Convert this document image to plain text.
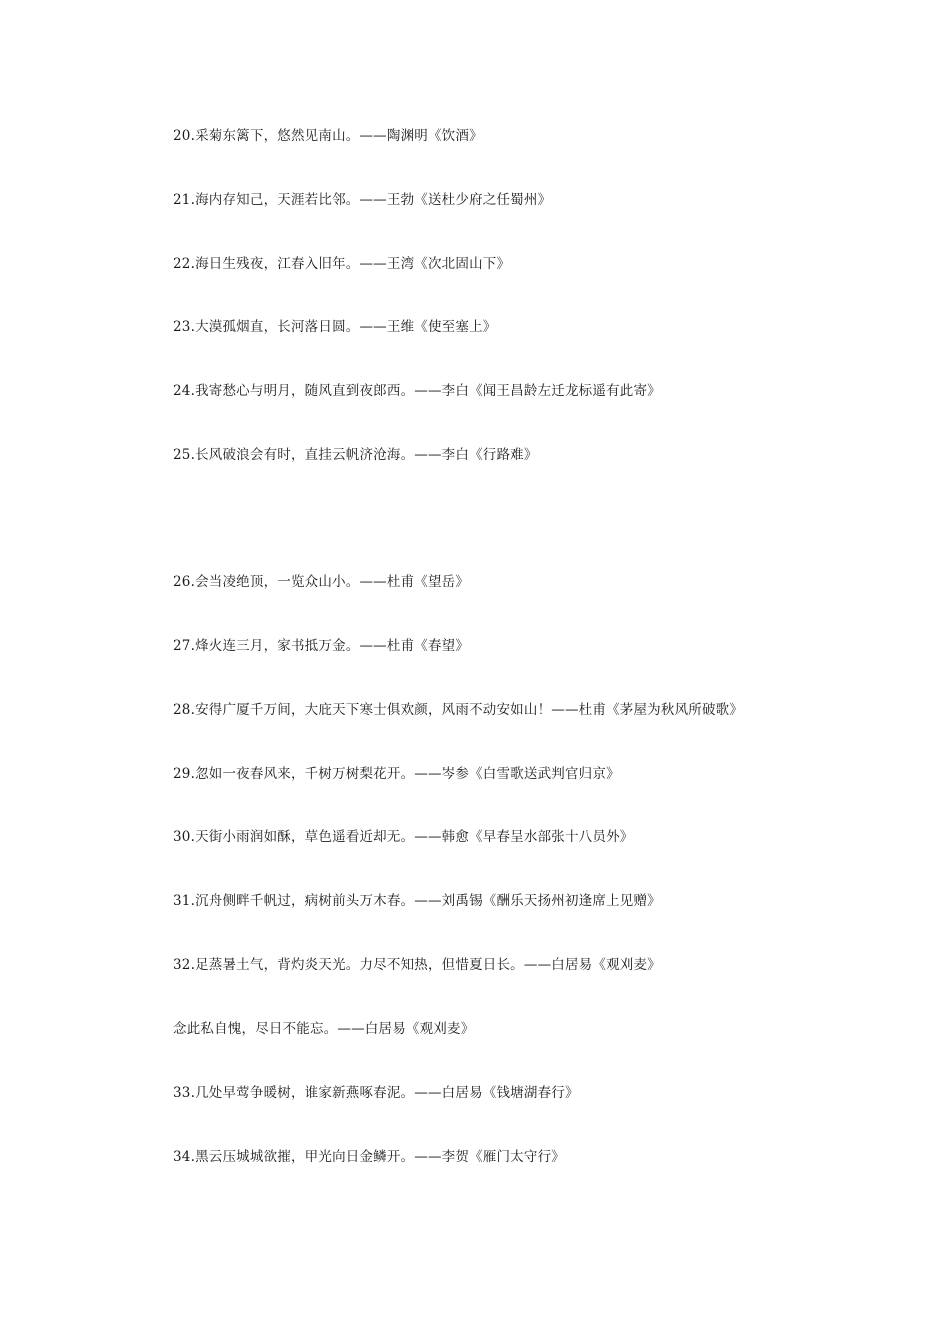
20.采菊东篱下，悠然见南山。——陶渊明《饮酒》
21.海内存知己，天涯若比邻。——王勃《送杜少府之任蜀州》
22.海日生残夜，江春入旧年。——王湾《次北固山下》
23.大漠孤烟直，长河落日圆。——王维《使至塞上》
24.我寄愁心与明月，随风直到夜郎西。——李白《闻王昌龄左迁龙标遥有此寄》
25.长风破浪会有时，直挂云帆济沧海。——李白《行路难》
26.会当凌绝顶，一览众山小。——杜甫《望岳》
27.烽火连三月，家书抵万金。——杜甫《春望》
28.安得广厦千万间，大庇天下寒士俱欢颜，风雨不动安如山！——杜甫《茅屋为秋风所破歌》
29.忽如一夜春风来，千树万树梨花开。——岑参《白雪歌送武判官归京》
30.天街小雨润如酥，草色遥看近却无。——韩愈《早春呈水部张十八员外》
31.沉舟侧畔千帆过，病树前头万木春。——刘禹锡《酬乐天扬州初逢席上见赠》
32.足蒸暑土气，背灼炎天光。力尽不知热，但惜夏日长。——白居易《观刈麦》
念此私自愧，尽日不能忘。——白居易《观刈麦》
33.几处早莺争暖树，谁家新燕啄春泥。——白居易《钱塘湖春行》
34.黑云压城城欲摧，甲光向日金鳞开。——李贺《雁门太守行》
